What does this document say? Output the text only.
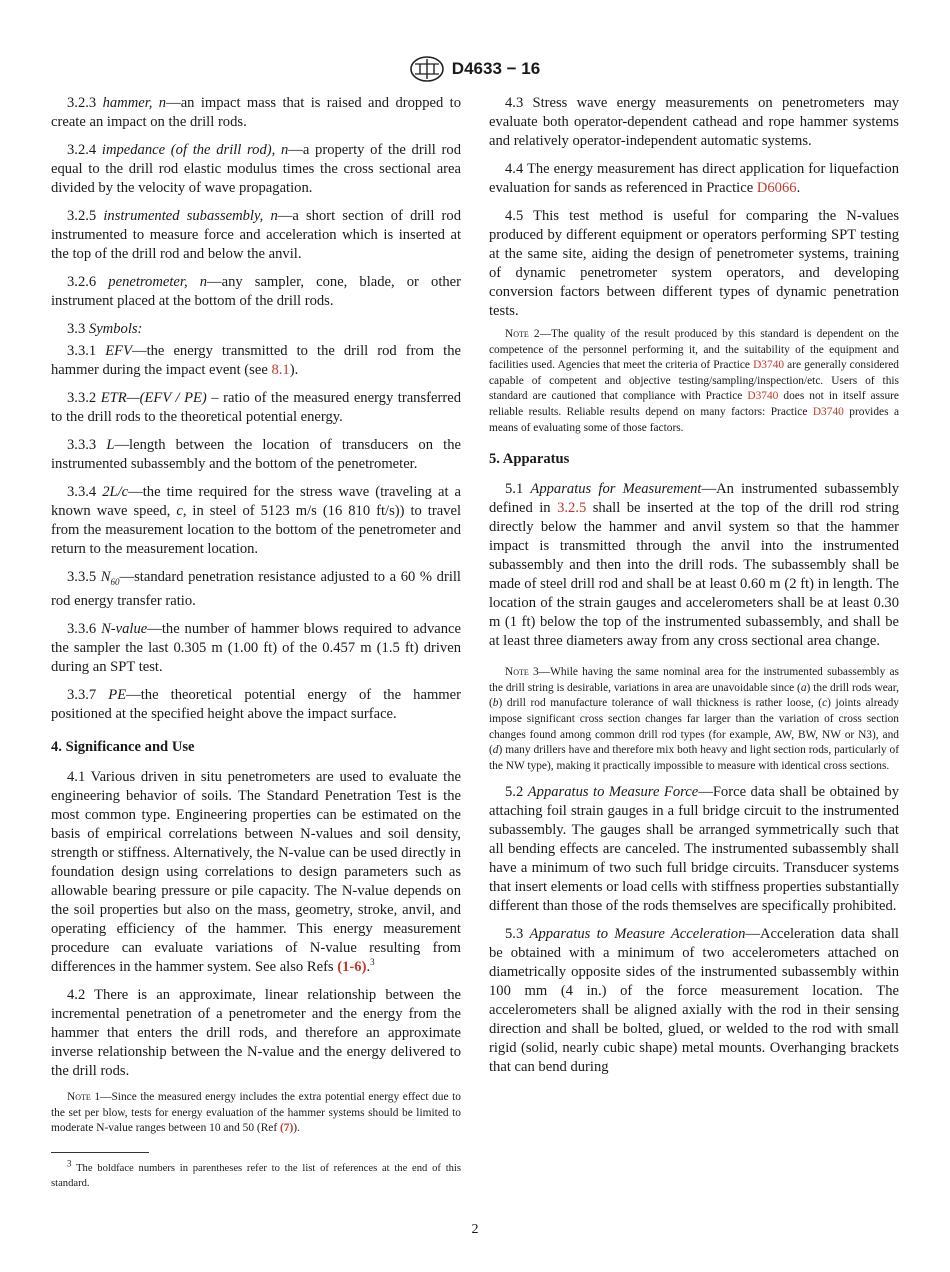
D4633 − 16

3.2.3 hammer, n—an impact mass that is raised and dropped to create an impact on the drill rods.

3.2.4 impedance (of the drill rod), n—a property of the drill rod equal to the drill rod elastic modulus times the cross sectional area divided by the velocity of wave propagation.

3.2.5 instrumented subassembly, n—a short section of drill rod instrumented to measure force and acceleration which is inserted at the top of the drill rod and below the anvil.

3.2.6 penetrometer, n—any sampler, cone, blade, or other instrument placed at the bottom of the drill rods.

3.3 Symbols:

3.3.1 EFV—the energy transmitted to the drill rod from the hammer during the impact event (see 8.1).

3.3.2 ETR—(EFV / PE) – ratio of the measured energy transferred to the drill rods to the theoretical potential energy.

3.3.3 L—length between the location of transducers on the instrumented subassembly and the bottom of the penetrometer.

3.3.4 2L/c—the time required for the stress wave (traveling at a known wave speed, c, in steel of 5123 m/s (16 810 ft/s)) to travel from the measurement location to the bottom of the penetrometer and return to the measurement location.

3.3.5 $N_{60}—standard$ penetration resistance adjusted to a 60 % drill rod energy transfer ratio.

3.3.6 N-value—the number of hammer blows required to advance the sampler the last 0.305 m (1.00 ft) of the 0.457 m (1.5 ft) driven during an SPT test.

3.3.7 PE—the theoretical potential energy of the hammer positioned at the specified height above the impact surface.

4. Significance and Use

4.1 Various driven in situ penetrometers are used to evaluate the engineering behavior of soils. The Standard Penetration Test is the most common type. Engineering properties can be estimated on the basis of empirical correlations between N-values and soil density, strength or stiffness. Alternatively, the N-value can be used directly in foundation design using correlations to design parameters such as allowable bearing pressure or pile capacity. The N-value depends on the soil properties but also on the mass, geometry, stroke, anvil, and operating efficiency of the hammer. This energy measurement procedure can evaluate variations of N-value resulting from differences in the hammer system. See also Refs (1-6).$^3$

4.2 There is an approximate, linear relationship between the incremental penetration of a penetrometer and the energy from the hammer that enters the drill rods, and therefore an approximate inverse relationship between the N-value and the energy delivered to the drill rods.

Note 1—Since the measured energy includes the extra potential energy effect due to the set per blow, tests for energy evaluation of the hammer systems should be limited to moderate N-value ranges between 10 and 50 (Ref (7)).

4.3 Stress wave energy measurements on penetrometers may evaluate both operator-dependent cathead and rope hammer systems and relatively operator-independent automatic systems.

4.4 The energy measurement has direct application for liquefaction evaluation for sands as referenced in Practice D6066.

4.5 This test method is useful for comparing the N-values produced by different equipment or operators performing SPT testing at the same site, aiding the design of penetrometer systems, training of dynamic penetrometer system operators, and developing conversion factors between different types of dynamic penetration tests.

Note 2—The quality of the result produced by this standard is dependent on the competence of the personnel performing it, and the suitability of the equipment and facilities used. Agencies that meet the criteria of Practice D3740 are generally considered capable of competent and objective testing/sampling/inspection/etc. Users of this standard are cautioned that compliance with Practice D3740 does not in itself assure reliable results. Reliable results depend on many factors: Practice D3740 provides a means of evaluating some of those factors.

5. Apparatus

5.1 Apparatus for Measurement—An instrumented subassembly defined in 3.2.5 shall be inserted at the top of the drill rod string directly below the hammer and anvil system so that the hammer impact is transmitted through the anvil into the instrumented subassembly and then into the drill rods. The subassembly shall be made of steel drill rod and shall be at least 0.60 m (2 ft) in length. The location of the strain gauges and accelerometers shall be at least 0.30 m (1 ft) below the top of the instrumented subassembly, and shall be at least three diameters away from any cross sectional area change.

Note 3—While having the same nominal area for the instrumented subassembly as the drill string is desirable, variations in area are unavoidable since (a) the drill rods wear, (b) drill rod manufacture tolerance of wall thickness is rather loose, (c) joints already impose significant cross section changes far larger than the variation of cross section changes found among common drill rod types (for example, AW, BW, NW or N3), and (d) many drillers have and therefore mix both heavy and light section rods, particularly of the NW type), making it practically impossible to measure with identical cross sections.

5.2 Apparatus to Measure Force—Force data shall be obtained by attaching foil strain gauges in a full bridge circuit to the instrumented subassembly. The gauges shall be arranged symmetrically such that all bending effects are canceled. The instrumented subassembly shall have a minimum of two such full bridge circuits. Transducer systems that insert elements or load cells with stiffness properties substantially different than those of the rods themselves are specifically prohibited.

5.3 Apparatus to Measure Acceleration—Acceleration data shall be obtained with a minimum of two accelerometers attached on diametrically opposite sides of the instrumented subassembly within 100 mm (4 in.) of the force measurement location. The accelerometers shall be aligned axially with the rod in their sensing direction and shall be bolted, glued, or welded to the rod with small rigid (solid, nearly cubic shape) metal mounts. Overhanging brackets that can bend during

$^3$ The boldface numbers in parentheses refer to the list of references at the end of this standard.
2
